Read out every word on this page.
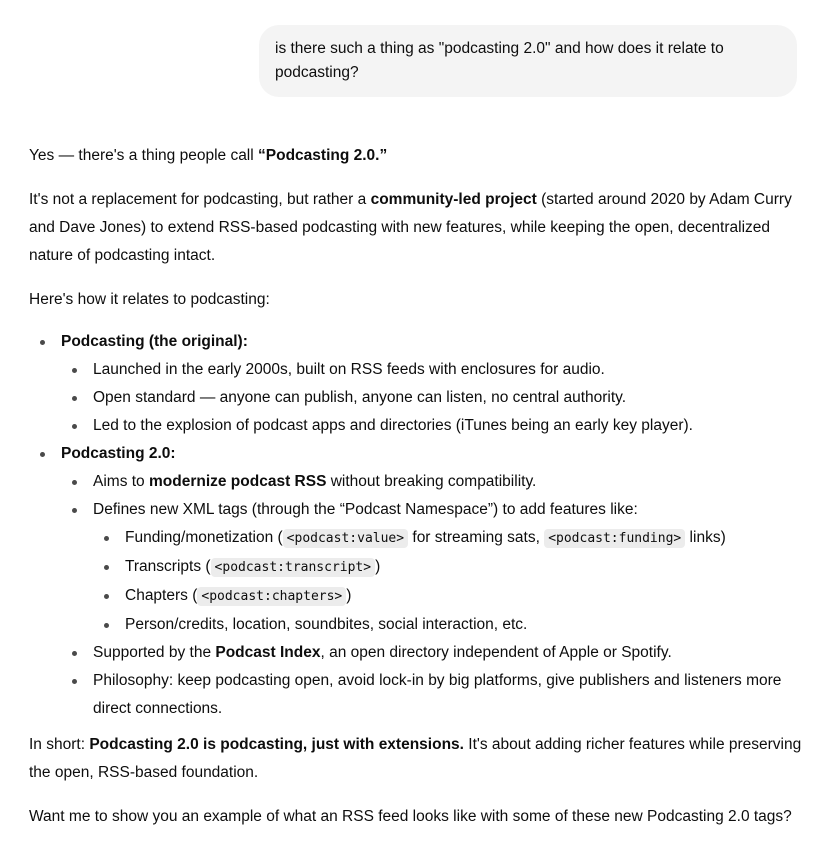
is there such a thing as "podcasting 2.0" and how does it relate to podcasting?

Yes — there's a thing people call “Podcasting 2.0.”

It's not a replacement for podcasting, but rather a community-led project (started around 2020 by Adam Curry and Dave Jones) to extend RSS-based podcasting with new features, while keeping the open, decentralized nature of podcasting intact.

Here's how it relates to podcasting:

Podcasting (the original):
Launched in the early 2000s, built on RSS feeds with enclosures for audio.
Open standard — anyone can publish, anyone can listen, no central authority.
Led to the explosion of podcast apps and directories (iTunes being an early key player).
Podcasting 2.0:
Aims to modernize podcast RSS without breaking compatibility.
Defines new XML tags (through the “Podcast Namespace”) to add features like:
Funding/monetization ( <podcast:value> for streaming sats, <podcast:funding> links)
Transcripts ( <podcast:transcript> )
Chapters ( <podcast:chapters> )
Person/credits, location, soundbites, social interaction, etc.
Supported by the Podcast Index, an open directory independent of Apple or Spotify.
Philosophy: keep podcasting open, avoid lock-in by big platforms, give publishers and listeners more direct connections.

In short: Podcasting 2.0 is podcasting, just with extensions. It's about adding richer features while preserving the open, RSS-based foundation.

Want me to show you an example of what an RSS feed looks like with some of these new Podcasting 2.0 tags?
